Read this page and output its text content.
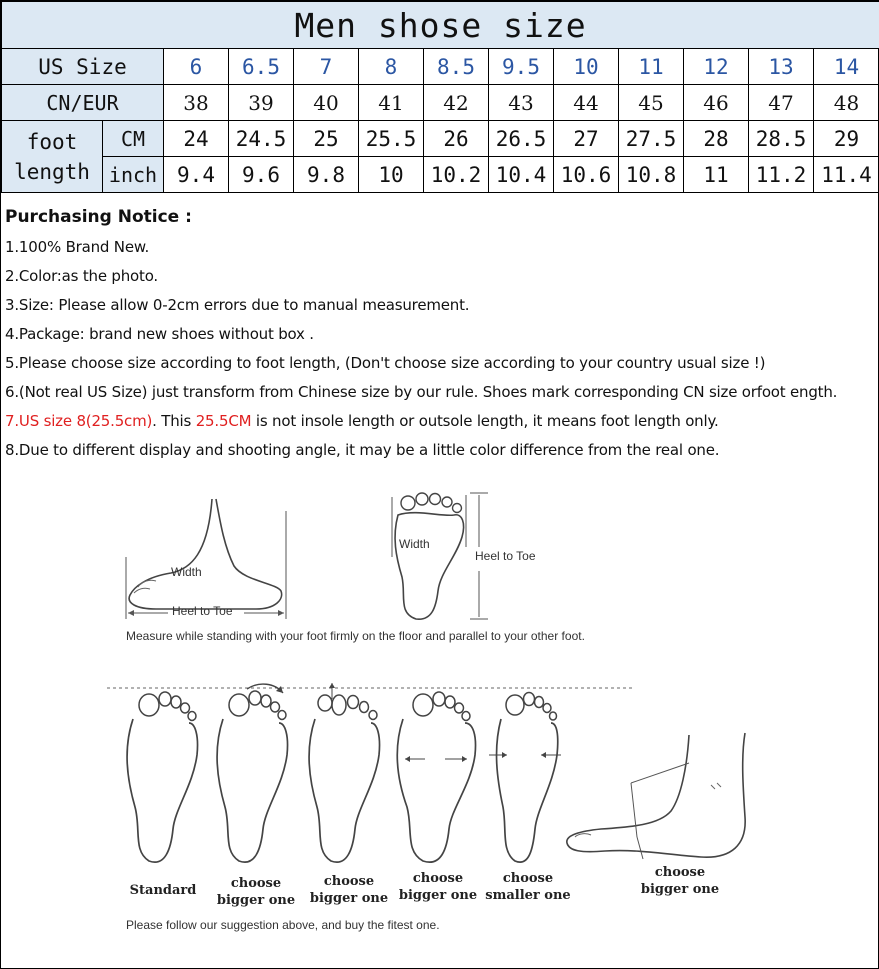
Men shose size												
US Size		6	6.5	7	8	8.5	9.5	10	11	12	13	14
CN/EUR		38	39	40	41	42	43	44	45	46	47	48

foot
length	CM	24	24.5	25	25.5	26	26.5	27	27.5	28	28.5	29
	inch	9.4	9.6	9.8	10	10.2	10.4	10.6	10.8	11	11.2	11.4
Purchasing Notice :

1.100% Brand New.

2.Color:as the photo.

3.Size: Please allow 0-2cm errors due to manual measurement.

4.Package: brand new shoes without box .

5.Please choose size according to foot length, (Don't choose size according to your country usual size !)

6.(Not real US Size) just transform from Chinese size by our rule. Shoes mark corresponding CN size orfoot ength.

7.US size 8(25.5cm). This 25.5CM is not insole length or outsole length, it means foot length only.

8.Due to different display and shooting angle, it may be a little color difference from the real one.

Width
Heel to Toe
Width
Heel to Toe
Measure while standing with your foot firmly on the floor and parallel to your other foot.
Standard	choose
bigger one
choose
bigger one
choose
bigger one
choose
smaller one
choose
bigger one
Please follow our suggestion above, and buy the fitest one.
